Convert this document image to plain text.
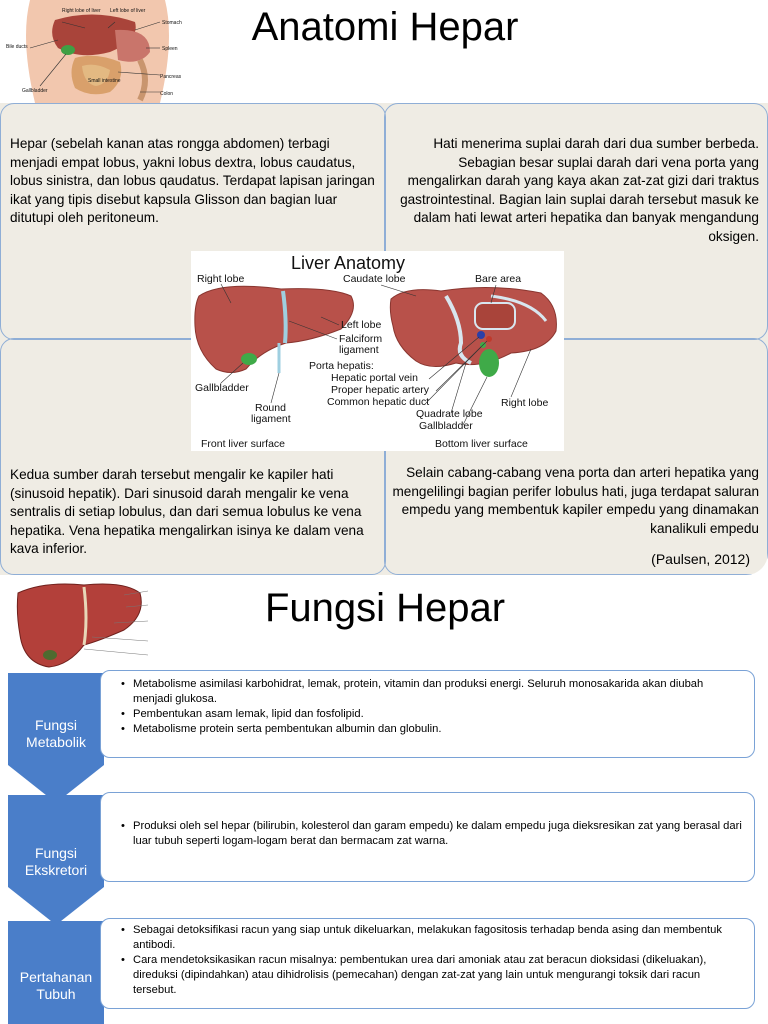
Right lobe of liver Left lobe of liver
Stomach
Bile ducts	Spleen
Gallbladder
Pancreas
Small intestine
Colon
Anatomi Hepar
Hepar (sebelah kanan atas rongga abdomen) terbagi menjadi empat lobus, yakni lobus dextra, lobus caudatus, lobus sinistra, dan lobus qaudatus. Terdapat lapisan jaringan ikat yang tipis disebut kapsula Glisson dan bagian luar ditutupi oleh peritoneum.
Hati menerima suplai darah dari dua sumber berbeda. Sebagian besar suplai darah dari vena porta yang mengalirkan darah yang kaya akan zat-zat gizi dari traktus gastrointestinal. Bagian lain suplai darah tersebut masuk ke dalam hati lewat arteri hepatika dan banyak mengandung oksigen.
Kedua sumber darah tersebut mengalir ke kapiler hati (sinusoid hepatik). Dari sinusoid darah mengalir ke vena sentralis di setiap lobulus, dan dari semua lobulus ke vena hepatika. Vena hepatika mengalirkan isinya ke dalam vena kava inferior.
Selain cabang-cabang vena porta dan arteri hepatika yang mengelilingi bagian perifer lobulus hati, juga terdapat saluran empedu yang membentuk kapiler empedu yang dinamakan kanalikuli empedu
(Paulsen, 2012)
Liver Anatomy
Right lobe	Caudate lobe	Bare area
Left lobe
Falciform
ligament
Porta hepatis:
Hepatic portal vein
Proper hepatic artery
Common hepatic duct
Quadrate lobe
Gallbladder
Gallbladder
Round
ligament
Right lobe
Front liver surface	Bottom liver surface
Fungsi Hepar
Fungsi
Metabolik
• Metabolisme asimilasi karbohidrat, lemak, protein, vitamin dan produksi energi. Seluruh monosakarida akan diubah menjadi glukosa.
• Pembentukan asam lemak, lipid dan fosfolipid.
• Metabolisme protein serta pembentukan albumin dan globulin.
Fungsi
Ekskretori
• Produksi oleh sel hepar (bilirubin, kolesterol dan garam empedu) ke dalam empedu juga dieksresikan zat yang berasal dari luar tubuh seperti logam-logam berat dan bermacam zat warna.
Pertahanan
Tubuh
• Sebagai detoksifikasi racun yang siap untuk dikeluarkan, melakukan fagositosis terhadap benda asing dan membentuk antibodi.
• Cara mendetoksikasikan racun misalnya: pembentukan urea dari amoniak atau zat beracun dioksidasi (dikeluakan), direduksi (dipindahkan) atau dihidrolisis (pemecahan) dengan zat-zat yang lain untuk mengurangi toksik dari racun tersebut.
